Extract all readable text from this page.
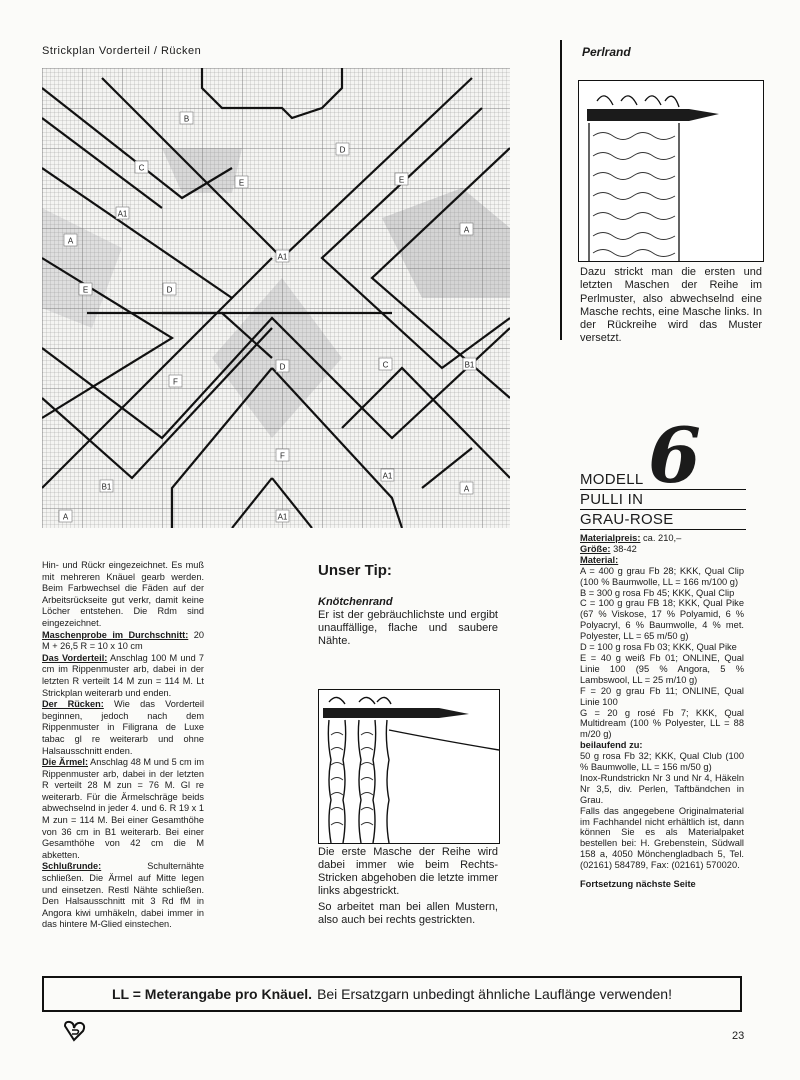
Strickplan Vorderteil / Rücken
B
D
C
E	E
A1
A
A
A1
E	D
F
D	C	B1
F
A1
B1	A
A1
A

Hin- und Rückr eingezeichnet. Es muß mit mehreren Knäuel gearb werden. Beim Farbwechsel die Fäden auf der Arbeitsrückseite gut verkr, damit keine Löcher entstehen. Die Rdm sind eingezeichnet.

Maschenprobe im Durchschnitt: 20 M + 26,5 R = 10 x 10 cm

Das Vorderteil: Anschlag 100 M und 7 cm im Rippenmuster arb, dabei in der letzten R verteilt 14 M zun = 114 M. Lt Strickplan weiterarb und enden.

Der Rücken: Wie das Vorderteil beginnen, jedoch nach dem Rippenmuster in Filigrana de Luxe tabac gl re weiterarb und ohne Halsausschnitt enden.

Die Ärmel: Anschlag 48 M und 5 cm im Rippenmuster arb, dabei in der letzten R verteilt 28 M zun = 76 M. Gl re weiterarb. Für die Ärmelschräge beids abwechselnd in jeder 4. und 6. R 19 x 1 M zun = 114 M. Bei einer Gesamthöhe von 36 cm in B1 weiterarb. Bei einer Gesamthöhe von 42 cm die M abketten.

Schlußrunde: Schulternähte schließen. Die Ärmel auf Mitte legen und einsetzen. Restl Nähte schließen. Den Halsausschnitt mit 3 Rd fM in Angora kiwi umhäkeln, dabei immer in das hintere M-Glied einstechen.

Unser Tip:
Knötchenrand
Er ist der gebräuchlichste und ergibt unauffällige, flache und saubere Nähte.
Die erste Masche der Reihe wird dabei immer wie beim Rechts-Stricken abgehoben die letzte immer links abgestrickt.
So arbeitet man bei allen Mustern, also auch bei rechts gestrickten.
Perlrand
Dazu strickt man die ersten und letzten Maschen der Reihe im Perlmuster, also abwechselnd eine Masche rechts, eine Masche links. In der Rückreihe wird das Muster versetzt.
6
MODELL
PULLI IN
GRAU-ROSE

Materialpreis: ca. 210,–

Größe: 38-42

Material:

A = 400 g grau Fb 28; KKK, Qual Clip (100 % Baumwolle, LL = 166 m/100 g)

B = 300 g rosa Fb 45; KKK, Qual Clip

C = 100 g grau FB 18; KKK, Qual Pike (67 % Viskose, 17 % Polyamid, 6 % Polyacryl, 6 % Baumwolle, 4 % met. Polyester, LL = 65 m/50 g)

D = 100 g rosa Fb 03; KKK, Qual Pike

E = 40 g weiß Fb 01; ONLINE, Qual Linie 100 (95 % Angora, 5 % Lambswool, LL = 25 m/10 g)

F = 20 g grau Fb 11; ONLINE, Qual Linie 100

G = 20 g rosé Fb 7; KKK, Qual Multidream (100 % Polyester, LL = 88 m/20 g)

beilaufend zu:

50 g rosa Fb 32; KKK, Qual Club (100 % Baumwolle, LL = 156 m/50 g)

Inox-Rundstrickn Nr 3 und Nr 4, Häkeln Nr 3,5, div. Perlen, Taftbändchen in Grau.

Falls das angegebene Originalmaterial im Fachhandel nicht erhältlich ist, dann können Sie es als Materialpaket bestellen bei: H. Grebenstein, Südwall 158 a, 4050 Mönchengladbach 5, Tel. (02161) 584789, Fax: (02161) 570020.

Fortsetzung nächste Seite

LL = Meterangabe pro Knäuel. Bei Ersatzgarn unbedingt ähnliche Lauflänge verwenden!
23
